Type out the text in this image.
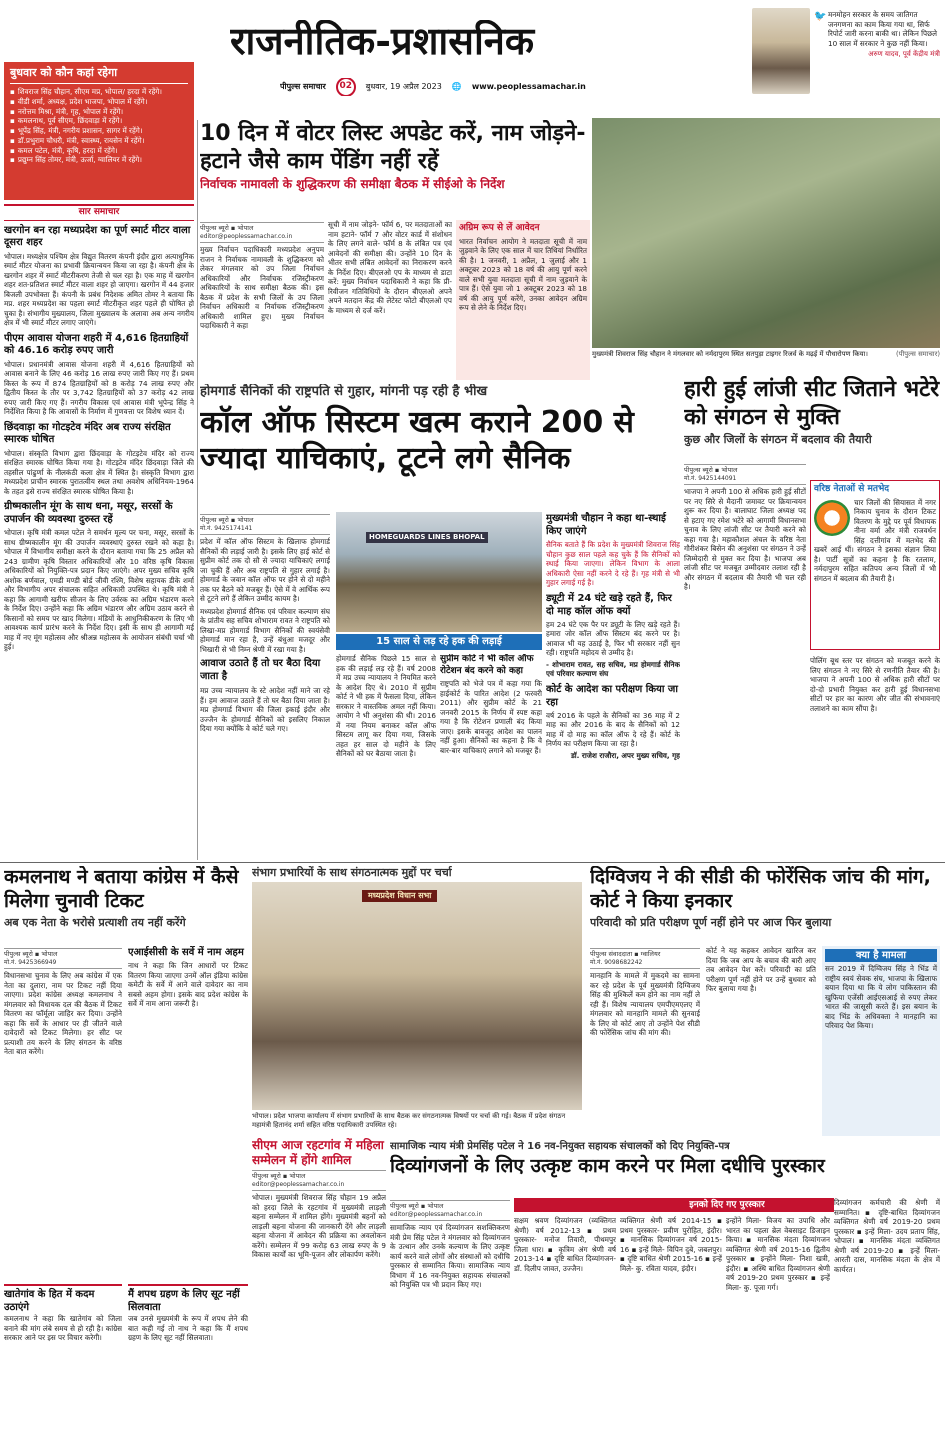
राजनीतिक-प्रशासनिक
पीपुल्स समाचार	02	बुधवार, 19 अप्रैल 2023 🌐 www.peoplessamachar.in
🐦 मनमोहन सरकार के समय जातिगत जनगणना का काम किया गया था, सिर्फ रिपोर्ट जारी करना बाकी था। लेकिन पिछले 10 साल में सरकार ने कुछ नहीं किया।
अरुण यादव, पूर्व केंद्रीय मंत्री
बुधवार को कौन कहां रहेगा
▪ शिवराज सिंह चौहान, सीएम मप्र, भोपाल/ हरदा में रहेंगे।
▪ वीडी शर्मा, अध्यक्ष, प्रदेश भाजपा, भोपाल में रहेंगे।
▪ नरोत्तम मिश्रा, मंत्री, गृह, भोपाल में रहेंगे।
▪ कमलनाथ, पूर्व सीएम, छिंदवाड़ा में रहेंगे।
▪ भूपेंद्र सिंह, मंत्री, नगरीय प्रशासन, सागर में रहेंगे।
▪ डॉ.प्रभुराम चौधरी, मंत्री, स्वास्थ्य, रायसेन में रहेंगे।
▪ कमल पटेल, मंत्री, कृषि, हरदा में रहेंगे।
▪ प्रद्युम्न सिंह तोमर, मंत्री, ऊर्जा, ग्वालियर में रहेंगे।
सार समाचार
खरगोन बन रहा मध्यप्रदेश का पूर्ण स्मार्ट मीटर वाला दूसरा शहर
भोपाल। मध्यक्षेत्र पश्चिम क्षेत्र विद्युत वितरण कंपनी इंदौर द्वारा अत्याधुनिक स्मार्ट मीटर योजना का प्रभावी क्रियान्वयन किया जा रहा है। कंपनी क्षेत्र के खरगोन शहर में स्मार्ट मीटरीकरण तेजी से चल रहा है। एक माह में खरगोन शहर शत-प्रतिशत स्मार्ट मीटर वाला शहर हो जाएगा। खरगोन में 44 हजार बिजली उपभोक्ता हैं। कंपनी के प्रबंध निदेशक अमित तोमर ने बताया कि मप्र. शहर मध्यप्रदेश का पहला स्मार्ट मीटरीकृत शहर पहले ही घोषित हो चुका है। संभागीय मुख्यालय, जिला मुख्यालय के अलावा अब अन्य नगरीय क्षेत्र में भी स्मार्ट मीटर लगाए जाएंगे।
पीएम आवास योजना शहरी में 4,616 हितग्राहियों को 46.16 करोड़ रुपए जारी
भोपाल। प्रधानमंत्री आवास योजना शहरी में 4,616 हितग्राहियों को आवास बनाने के लिए 46 करोड़ 16 लाख रुपए जारी किए गए हैं। प्रथम किस्त के रूप में 874 हितग्राहियों को 8 करोड़ 74 लाख रुपए और द्वितीय किस्त के तौर पर 3,742 हितग्राहियों को 37 करोड़ 42 लाख रुपए जारी किए गए हैं। नगरीय विकास एवं आवास मंत्री भूपेन्द्र सिंह ने निर्देशित किया है कि आवासों के निर्माण में गुणवत्ता पर विशेष ध्यान दें।
छिंदवाड़ा का गोटइटेव मंदिर अब राज्य संरक्षित स्मारक घोषित
भोपाल। संस्कृति विभाग द्वारा छिंदवाड़ा के गोटइटेव मंदिर को राज्य संरक्षित स्मारक घोषित किया गया है। गोटइटेव मंदिर छिंदवाड़ा जिले की तहसील पांढुर्णा के नीलकंठी कला क्षेत्र में स्थित है। संस्कृति विभाग द्वारा मध्यप्रदेश प्राचीन स्मारक पुरातत्वीय स्थल तथा अवशेष अधिनियम-1964 के तहत इसे राज्य संरक्षित स्मारक घोषित किया है।
ग्रीष्मकालीन मूंग के साथ धना, मसूर, सरसों के उपार्जन की व्यवस्था दुरुस्त रहें
भोपाल। कृषि मंत्री कमल पटेल ने समर्थन मूल्य पर चना, मसूर, सरसों के साथ ग्रीष्मकालीन मूंग की उपार्जन व्यवस्थाएं दुरुस्त रखने को कहा है। भोपाल में विभागीय समीक्षा करने के दौरान बताया गया कि 25 अप्रैल को 243 ग्रामीण कृषि विस्तार अधिकारियों और 10 वरिष्ठ कृषि विकास अधिकारियों को नियुक्ति-पत्र प्रदान किए जाएंगे। अपर मुख्य सचिव कृषि अशोक बर्णवाल, एमडी मण्डी बोर्ड जीवी रश्मि, विशेष सहायक डीके शर्मा और विभागीय अपर संचालक सहित अधिकारी उपस्थित थे। कृषि मंत्री ने कहा कि आगामी खरीफ सीजन के लिए उर्वरक का अग्रिम भंडारण करने के निर्देश दिए। उन्होंने कहा कि अग्रिम भंडारण और अग्रिम उठाव करने से किसानों को समय पर खाद मिलेगा। मंडियों के आधुनिकीकरण के लिए भी आवश्यक कार्य प्रारंभ करने के निर्देश दिए। इसी के साथ ही आगामी मई माह में नए मूंग महोत्सव और श्रीअन्न महोत्सव के आयोजन संबंधी चर्चा भी हुई।
10 दिन में वोटर लिस्ट अपडेट करें, नाम जोड़ने-हटाने जैसे काम पेंडिंग नहीं रहें
निर्वाचक नामावली के शुद्धिकरण की समीक्षा बैठक में सीईओ के निर्देश
पीपुल्स ब्यूरो ▪ भोपाल
editor@peoplessamachar.co.in
मुख्य निर्वाचन पदाधिकारी मध्यप्रदेश अनुपम राजन ने निर्वाचक नामावली के शुद्धिकरण को लेकर मंगलवार को उप जिला निर्वाचन अधिकारियों और निर्वाचक रजिस्ट्रीकरण अधिकारियों के साथ समीक्षा बैठक की। इस बैठक में प्रदेश के सभी जिलों के उप जिला निर्वाचन अधिकारी व निर्वाचक रजिस्ट्रीकरण अधिकारी शामिल हुए। मुख्य निर्वाचन पदाधिकारी ने कहा
सूची में नाम जोड़ने- फॉर्म 6, पर मतदाताओं का नाम हटाने- फॉर्म 7 और वोटर कार्ड में संशोधन के लिए लगने वाले- फॉर्म 8 के लंबित पत्र एवं आवेदनों की समीक्षा की। उन्होंने 10 दिन के भीतर सभी लंबित आवेदनों का निराकरण करने के निर्देश दिए। बीएलओ एप के माध्यम से डाटा करें: मुख्य निर्वाचन पदाधिकारी ने कहा कि प्री-रिवीजन गतिविधियों के दौरान बीएलओ अपने अपने मतदान केंद्र की लेटेस्ट फोटो बीएलओ एप के माध्यम से दर्ज करें।
अग्रिम रूप से लें आवेदन
भारत निर्वाचन आयोग ने मतदाता सूची में नाम जुड़वाने के लिए एक साल में चार तिथियां निर्धारित की है। 1 जनवरी, 1 अप्रैल, 1 जुलाई और 1 अक्टूबर 2023 को 18 वर्ष की आयु पूर्ण करने वाले सभी युवा मतदाता सूची में नाम जुड़वाने के पात्र हैं। ऐसे युवा जो 1 अक्टूबर 2023 को 18 वर्ष की आयु पूर्ण करेंगे, उनका आवेदन अग्रिम रूप से लेने के निर्देश दिए।
मुख्यमंत्री शिवराज सिंह चौहान ने मंगलवार को नर्मदापुरम स्थित सतपुड़ा टाइगर रिजर्व के मढ़ई में पौधारोपण किया।	(पीपुल्स समाचार)
होमगार्ड सैनिकों की राष्ट्रपति से गुहार, मांगनी पड़ रही है भीख
कॉल ऑफ सिस्टम खत्म कराने 200 से ज्यादा याचिकाएं, टूटने लगे सैनिक
पीपुल्स ब्यूरो ▪ भोपाल
मो.नं. 9425174141
प्रदेश में कॉल ऑफ सिस्टम के खिलाफ होमगार्ड सैनिकों की लड़ाई जारी है। इसके लिए हाई कोर्ट से सुप्रीम कोर्ट तक दो सौ से ज्यादा याचिकाएं लगाई जा चुकी हैं और अब राष्ट्रपति से गुहार लगाई है। होमगार्ड के जवान कॉल ऑफ पर होने से दो महीने तक घर बैठने को मजबूर हैं। ऐसे में वे आर्थिक रूप से टूटने लगे हैं लेकिन उम्मीद कायम है।
मध्यप्रदेश होमगार्ड सैनिक एवं परिवार कल्याण संघ के प्रांतीय सह सचिव शोभाराम रावत ने राष्ट्रपति को लिखा-मप्र होमगार्ड विभाग सैनिकों की स्वयंसेवी होमगार्ड मान रहा है, उन्हें बंधुआ मजदूर और भिखारी से भी निम्न श्रेणी में रखा गया है।
आवाज उठाते हैं तो घर बैठा दिया जाता है
मप्र उच्च न्यायालय के स्टे आदेश नहीं माने जा रहे हैं। हम आवाज उठाते हैं तो घर बैठा दिया जाता है। मप्र होमगार्ड विभाग की जिला इकाई इंदौर और उज्जैन के होमगार्ड सैनिकों को इसलिए निकाल दिया गया क्योंकि वे कोर्ट चले गए।
HOMEGUARDS LINES BHOPAL
15 साल से लड़ रहे हक की लड़ाई
होमगार्ड सैनिक पिछले 15 साल से हक की लड़ाई लड़ रहे हैं। वर्ष 2008 में मप्र उच्च न्यायालय ने नियमित करने के आदेश दिए थे। 2010 में सुप्रीम कोर्ट ने भी हक में फैसला दिया, लेकिन सरकार ने वास्तविक अमल नहीं किया। आयोग ने भी अनुशंसा की थी। 2016 में नया नियम बनाकर कॉल ऑफ सिस्टम लागू कर दिया गया, जिसके तहत हर साल दो महीने के लिए सैनिकों को घर बैठाया जाता है।
सुप्रीम कोर्ट ने भी कॉल ऑफ रोटेशन बंद करने को कहा
राष्ट्रपति को भेजे पत्र में कहा गया कि हाईकोर्ट के पारित आदेश (2 फरवरी 2011) और सुप्रीम कोर्ट के 21 जनवरी 2015 के निर्णय में स्पष्ट कहा गया है कि रोटेशन प्रणाली बंद किया जाए। इसके बावजूद आदेश का पालन नहीं हुआ। सैनिकों का कहना है कि वे बार-बार याचिकाएं लगाने को मजबूर हैं।
मुख्यमंत्री चौहान ने कहा था-स्थाई किए जाएंगे
सैनिक बताते हैं कि प्रदेश के मुख्यमंत्री शिवराज सिंह चौहान कुछ साल पहले कह चुके हैं कि सैनिकों को स्थाई किया जाएगा। लेकिन विभाग के आला अधिकारी ऐसा नहीं करने दे रहे हैं। गृह मंत्री से भी गुहार लगाई गई है।
ड्यूटी में 24 घंटे खड़े रहते हैं, फिर दो माह कॉल ऑफ क्यों
हम 24 घंटे एक पैर पर ड्यूटी के लिए खड़े रहते हैं। हमारा जोर कॉल ऑफ सिस्टम बंद करने पर है। आवाज भी यह उठाई है, फिर भी सरकार नहीं सुन रही। राष्ट्रपति महोदय से उम्मीद है।
- शोभाराम रावत, सह सचिव, मप्र होमगार्ड सैनिक एवं परिवार कल्याण संघ
कोर्ट के आदेश का परीक्षण किया जा रहा
वर्ष 2016 के पहले के सैनिकों का 36 माह में 2 माह का और 2016 के बाद के सैनिकों को 12 माह में दो माह का कॉल ऑफ दे रहे हैं। कोर्ट के निर्णय का परीक्षण किया जा रहा है।
डॉ. राजेश राजौरा, अपर मुख्य सचिव, गृह
हारी हुई लांजी सीट जिताने भटेरे को संगठन से मुक्ति
कुछ और जिलों के संगठन में बदलाव की तैयारी
पीपुल्स ब्यूरो ▪ भोपाल
मो.नं. 9425144091
भाजपा ने अपनी 100 से अधिक हारी हुई सीटों पर नए सिरे से मैदानी जमावट पर क्रियान्वयन शुरू कर दिया है। बालाघाट जिला अध्यक्ष पद से हटाए गए रमेश भटेरे को आगामी विधानसभा चुनाव के लिए लांजी सीट पर तैयारी करने को कहा गया है। महाकौशल अंचल के वरिष्ठ नेता गौरीशंकर बिसेन की अनुशंसा पर संगठन ने उन्हें जिम्मेदारी से मुक्त कर दिया है। भाजपा अब लांजी सीट पर मजबूत उम्मीदवार तलाश रही है और संगठन में बदलाव की तैयारी भी चल रही है।
वरिष्ठ नेताओं से मतभेद
चार जिलों की सियासत में नगर निकाय चुनाव के दौरान टिकट वितरण के मुद्दे पर पूर्व विधायक नीना वर्मा और मंत्री राजवर्धन सिंह दत्तीगांव में मतभेद की खबरें आई थीं। संगठन ने इसका संज्ञान लिया है। पार्टी सूत्रों का कहना है कि रतलाम, नर्मदापुरम सहित कतिपय अन्य जिलों में भी संगठन में बदलाव की तैयारी है।
पोलिंग बूथ स्तर पर संगठन को मजबूत करने के लिए संगठन ने नए सिरे से रणनीति तैयार की है। भाजपा ने अपनी 100 से अधिक हारी सीटों पर दो-दो प्रभारी नियुक्त कर हारी हुई विधानसभा सीटों पर हार का कारण और जीत की संभावनाएं तलाशने का काम सौंपा है।
कमलनाथ ने बताया कांग्रेस में कैसे मिलेगा चुनावी टिकट
अब एक नेता के भरोसे प्रत्याशी तय नहीं करेंगे
पीपुल्स ब्यूरो ▪ भोपाल
मो.नं. 9425366949
विधानसभा चुनाव के लिए अब कांग्रेस में एक नेता का दुलारा, नाम पर टिकट नहीं दिया जाएगा। प्रदेश कांग्रेस अध्यक्ष कमलनाथ ने मंगलवार को विधायक दल की बैठक में टिकट वितरण का फॉर्मूला जाहिर कर दिया। उन्होंने कहा कि सर्वे के आधार पर ही जीतने वाले दावेदारों को टिकट मिलेगा। हर सीट पर प्रत्याशी तय करने के लिए संगठन के वरिष्ठ नेता बात करेंगे।
एआईसीसी के सर्वे में नाम अहम
नाथ ने कहा कि जिन आधारों पर टिकट वितरण किया जाएगा उनमें ऑल इंडिया कांग्रेस कमेटी के सर्वे में आने वाले दावेदार का नाम सबसे अहम होगा। इसके बाद प्रदेश कांग्रेस के सर्वे में नाम आना जरूरी है।
खातेगांव के हित में कदम उठाएंगे
कमलनाथ ने कहा कि खातेगांव को जिला बनाने की मांग लंबे समय से हो रही है। कांग्रेस सरकार आने पर इस पर विचार करेगी।
मैं शपथ ग्रहण के लिए सूट नहीं सिलवाता
जब उनसे मुख्यमंत्री के रूप में शपथ लेने की बात कही गई तो नाथ ने कहा कि मैं शपथ ग्रहण के लिए सूट नहीं सिलवाता।
संभाग प्रभारियों के साथ संगठनात्मक मुद्दों पर चर्चा
मध्यप्रदेश विधान सभा
भोपाल। प्रदेश भाजपा कार्यालय में संभाग प्रभारियों के साथ बैठक कर संगठनात्मक विषयों पर चर्चा की गई। बैठक में प्रदेश संगठन महामंत्री हितानंद शर्मा सहित वरिष्ठ पदाधिकारी उपस्थित रहे।
सीएम आज रहटगांव में महिला सम्मेलन में होंगे शामिल
पीपुल्स ब्यूरो ▪ भोपाल
editor@peoplessamachar.co.in
भोपाल। मुख्यमंत्री शिवराज सिंह चौहान 19 अप्रैल को हरदा जिले के रहटगांव में मुख्यमंत्री लाड़ली बहना सम्मेलन में शामिल होंगे। मुख्यमंत्री बहनों को लाड़ली बहना योजना की जानकारी देंगे और लाड़ली बहना योजना में आवेदन की प्रक्रिया का अवलोकन करेंगे। सम्मेलन में 99 करोड़ 63 लाख रुपए के 9 विकास कार्यों का भूमि-पूजन और लोकार्पण करेंगे।
दिग्विजय ने की सीडी की फोरेंसिक जांच की मांग, कोर्ट ने किया इनकार
परिवादी को प्रति परीक्षण पूर्ण नहीं होने पर आज फिर बुलाया
पीपुल्स संवाददाता ▪ ग्वालियर
मो.नं. 9098682242
मानहानि के मामले में मुकदमे का सामना कर रहे प्रदेश के पूर्व मुख्यमंत्री दिग्विजय सिंह की मुश्किलें कम होने का नाम नहीं ले रही हैं। विशेष न्यायालय एमपीएमएलए में मंगलवार को मानहानि मामले की सुनवाई के लिए वो कोर्ट आए तो उन्होंने पेश सीडी की फोरेंसिक जांच की मांग की।
कोर्ट ने यह कहकर आवेदन खारिज कर दिया कि जब आप के बचाव की बारी आए तब आवेदन पेश करें। परिवादी का प्रति परीक्षण पूर्ण नहीं होने पर उन्हें बुधवार को फिर बुलाया गया है।
क्या है मामला
सन 2019 में दिग्विजय सिंह ने भिंड में राष्ट्रीय स्वयं सेवक संघ, भाजपा के खिलाफ बयान दिया था कि ये लोग पाकिस्तान की खुफिया एजेंसी आईएसआई से रुपए लेकर भारत की जासूसी करते हैं। इस बयान के बाद भिंड के अधिवक्ता ने मानहानि का परिवाद पेश किया।
सामाजिक न्याय मंत्री प्रेमसिंह पटेल ने 16 नव-नियुक्त सहायक संचालकों को दिए नियुक्ति-पत्र
दिव्यांगजनों के लिए उत्कृष्ट काम करने पर मिला दधीचि पुरस्कार
पीपुल्स ब्यूरो ▪ भोपाल
editor@peoplessamachar.co.in
सामाजिक न्याय एवं दिव्यांगजन सशक्तिकरण मंत्री प्रेम सिंह पटेल ने मंगलवार को दिव्यांगजन के उत्थान और उनके कल्याण के लिए उत्कृष्ट कार्य करने वाले लोगों और संस्थाओं को दधीचि पुरस्कार से सम्मानित किया। सामाजिक न्याय विभाग में 16 नव-नियुक्त सहायक संचालकों को नियुक्ति पत्र भी प्रदान किए गए।
इनको दिए गए पुरस्कार
सक्षम श्रवण दिव्यांगजन (व्यक्तिगत श्रेणी) वर्ष 2012-13 ▪ प्रथम पुरस्कार- मनोज तिवारी, पीथमपुर जिला धार। ▪ कृत्रिम अंग श्रेणी वर्ष 2013-14 ▪ दृष्टि बाधित दिव्यांगजन- डॉ. दिलीप जावत, उज्जैन।
व्यक्तिगत श्रेणी वर्ष 2014-15 ▪ प्रथम पुरस्कार- प्रवीण पुरोहित, इंदौर। ▪ मानसिक दिव्यांगजन वर्ष 2015-16 ▪ इन्हें मिले- विपिन दुबे, जबलपुर। ▪ दृष्टि बाधित श्रेणी 2015-16 ▪ इन्हें मिले- कु. रविता यादव, इंदौर।
इन्होंने मिला- विजय का उपाधि और भारत का पहला ब्रेल वेबसाइट डिजाइन किया। ▪ मानसिक मंदता दिव्यांगजन व्यक्तिगत श्रेणी वर्ष 2015-16 द्वितीय पुरस्कार ▪ इन्होंने मिला- निशा खत्री, इंदौर। ▪ अस्थि बाधित दिव्यांगजन श्रेणी वर्ष 2019-20 प्रथम पुरस्कार ▪ इन्हें मिला- कु. पूजा गर्ग।
दिव्यांगजन कर्मचारी की श्रेणी में सम्मानित। ▪ दृष्टि-बाधित दिव्यांगजन व्यक्तिगत श्रेणी वर्ष 2019-20 प्रथम पुरस्कार ▪ इन्हें मिला- उदय प्रताप सिंह, भोपाल। ▪ मानसिक मंदता व्यक्तिगत श्रेणी वर्ष 2019-20 ▪ इन्हें मिला- आरती दास, मानसिक मंदता के क्षेत्र में कार्यरत।
